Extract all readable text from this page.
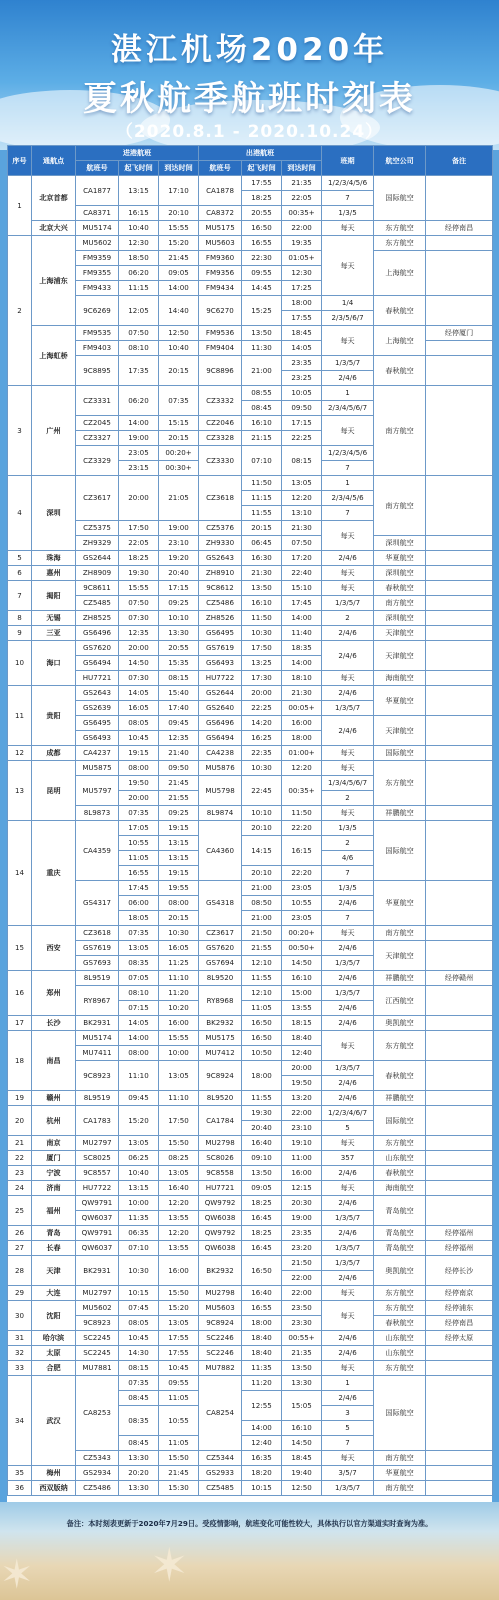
湛江机场2020年
夏秋航季航班时刻表
（2020.8.1 - 2020.10.24）
序号	通航点	进港航班			出港航班			班期	航空公司	备注
		航班号	起飞时间	到达时间	航班号	起飞时间	到达时间			
1	北京首都	CA1877	13:15	17:10	CA1878	17:55	21:35	1/2/3/4/5/6	国际航空	
						18:25	22:05	7		
		CA8371	16:15	20:10	CA8372	20:55	00:35+	1/3/5		
	北京大兴	MU5174	10:40	15:55	MU5175	16:50	22:00	每天	东方航空	经停南昌
2	上海浦东	MU5602	12:30	15:20	MU5603	16:55	19:35	每天	东方航空	
		FM9359	18:50	21:45	FM9360	22:30	01:05+		上海航空	
		FM9355	06:20	09:05	FM9356	09:55	12:30			
		FM9433	11:15	14:00	FM9434	14:45	17:25			
		9C6269	12:05	14:40	9C6270	15:25	18:00	1/4	春秋航空	
							17:55	2/3/5/6/7		
	上海虹桥	FM9535	07:50	12:50	FM9536	13:50	18:45	每天	上海航空	经停厦门
		FM9403	08:10	10:40	FM9404	11:30	14:05			
		9C8895	17:35	20:15	9C8896	21:00	23:35	1/3/5/7	春秋航空	
							23:25	2/4/6		
3	广州	CZ3331	06:20	07:35	CZ3332	08:55	10:05	1	南方航空	
						08:45	09:50	2/3/4/5/6/7		
		CZ2045	14:00	15:15	CZ2046	16:10	17:15	每天		
		CZ3327	19:00	20:15	CZ3328	21:15	22:25			
		CZ3329	23:05	00:20+	CZ3330	07:10	08:15	1/2/3/4/5/6		
			23:15	00:30+				7		
4	深圳	CZ3617	20:00	21:05	CZ3618	11:50	13:05	1	南方航空	
						11:15	12:20	2/3/4/5/6		
						11:55	13:10	7		
		CZ5375	17:50	19:00	CZ5376	20:15	21:30	每天		
		ZH9329	22:05	23:10	ZH9330	06:45	07:50		深圳航空	
5	珠海	GS2644	18:25	19:20	GS2643	16:30	17:20	2/4/6	华夏航空	
6	惠州	ZH8909	19:30	20:40	ZH8910	21:30	22:40	每天	深圳航空	
7	揭阳	9C8611	15:55	17:15	9C8612	13:50	15:10	每天	春秋航空	
		CZ5485	07:50	09:25	CZ5486	16:10	17:45	1/3/5/7	南方航空	
8	无锡	ZH8525	07:30	10:10	ZH8526	11:50	14:00	2	深圳航空	
9	三亚	GS6496	12:35	13:30	GS6495	10:30	11:40	2/4/6	天津航空	
10	海口	GS7620	20:00	20:55	GS7619	17:50	18:35	2/4/6	天津航空	
		GS6494	14:50	15:35	GS6493	13:25	14:00			
		HU7721	07:30	08:15	HU7722	17:30	18:10	每天	海南航空	
11	贵阳	GS2643	14:05	15:40	GS2644	20:00	21:30	2/4/6	华夏航空	
		GS2639	16:05	17:40	GS2640	22:25	00:05+	1/3/5/7		
		GS6495	08:05	09:45	GS6496	14:20	16:00	2/4/6	天津航空	
		GS6493	10:45	12:35	GS6494	16:25	18:00			
12	成都	CA4237	19:15	21:40	CA4238	22:35	01:00+	每天	国际航空	
13	昆明	MU5875	08:00	09:50	MU5876	10:30	12:20	每天	东方航空	
		MU5797	19:50	21:45	MU5798	22:45	00:35+	1/3/4/5/6/7		
			20:00	21:55				2		
		8L9873	07:35	09:25	8L9874	10:10	11:50	每天	祥鹏航空	
14	重庆	CA4359	17:05	19:15	CA4360	20:10	22:20	1/3/5	国际航空	
			10:55	13:15		14:15	16:15	2		
			11:05	13:15				4/6		
			16:55	19:15		20:10	22:20	7		
		GS4317	17:45	19:55	GS4318	21:00	23:05	1/3/5	华夏航空	
			06:00	08:00		08:50	10:55	2/4/6		
			18:05	20:15		21:00	23:05	7		
15	西安	CZ3618	07:35	10:30	CZ3617	21:50	00:20+	每天	南方航空	
		GS7619	13:05	16:05	GS7620	21:55	00:50+	2/4/6	天津航空	
		GS7693	08:35	11:25	GS7694	12:10	14:50	1/3/5/7		
16	郑州	8L9519	07:05	11:10	8L9520	11:55	16:10	2/4/6	祥鹏航空	经停赣州
		RY8967	08:10	11:20	RY8968	12:10	15:00	1/3/5/7	江西航空	
			07:15	10:20		11:05	13:55	2/4/6		
17	长沙	BK2931	14:05	16:00	BK2932	16:50	18:15	2/4/6	奥凯航空	
18	南昌	MU5174	14:00	15:55	MU5175	16:50	18:40	每天	东方航空	
		MU7411	08:00	10:00	MU7412	10:50	12:40			
		9C8923	11:10	13:05	9C8924	18:00	20:00	1/3/5/7	春秋航空	
							19:50	2/4/6		
19	赣州	8L9519	09:45	11:10	8L9520	11:55	13:20	2/4/6	祥鹏航空	
20	杭州	CA1783	15:20	17:50	CA1784	19:30	22:00	1/2/3/4/6/7	国际航空	
						20:40	23:10	5		
21	南京	MU2797	13:05	15:50	MU2798	16:40	19:10	每天	东方航空	
22	厦门	SC8025	06:25	08:25	SC8026	09:10	11:00	357	山东航空	
23	宁波	9C8557	10:40	13:05	9C8558	13:50	16:00	2/4/6	春秋航空	
24	济南	HU7722	13:15	16:40	HU7721	09:05	12:15	每天	海南航空	
25	福州	QW9791	10:00	12:20	QW9792	18:25	20:30	2/4/6	青岛航空	
		QW6037	11:35	13:55	QW6038	16:45	19:00	1/3/5/7		
26	青岛	QW9791	06:35	12:20	QW9792	18:25	23:35	2/4/6	青岛航空	经停福州
27	长春	QW6037	07:10	13:55	QW6038	16:45	23:20	1/3/5/7	青岛航空	经停福州
28	天津	BK2931	10:30	16:00	BK2932	16:50	21:50	1/3/5/7	奥凯航空	经停长沙
							22:00	2/4/6		
29	大连	MU2797	10:15	15:50	MU2798	16:40	22:00	每天	东方航空	经停南京
30	沈阳	MU5602	07:45	15:20	MU5603	16:55	23:50	每天	东方航空	经停浦东
		9C8923	08:05	13:05	9C8924	18:00	23:30		春秋航空	经停南昌
31	哈尔滨	SC2245	10:45	17:55	SC2246	18:40	00:55+	2/4/6	山东航空	经停太原
32	太原	SC2245	14:30	17:55	SC2246	18:40	21:35	2/4/6	山东航空	
33	合肥	MU7881	08:15	10:45	MU7882	11:35	13:50	每天	东方航空	
34	武汉	CA8253	07:35	09:55	CA8254	11:20	13:30	1	国际航空	
			08:45	11:05		12:55	15:05	2/4/6		
			08:35	10:55				3		
						14:00	16:10	5		
			08:45	11:05		12:40	14:50	7		
		CZ5343	13:30	15:50	CZ5344	16:35	18:45	每天	南方航空	
35	梅州	GS2934	20:20	21:45	GS2933	18:20	19:40	3/5/7	华夏航空	
36	西双版纳	CZ5486	13:30	15:30	CZ5485	10:15	12:50	1/3/5/7	南方航空	
✶
✶
备注：本时刻表更新于2020年7月29日。受疫情影响，航班变化可能性较大，具体执行以官方渠道实时查询为准。
